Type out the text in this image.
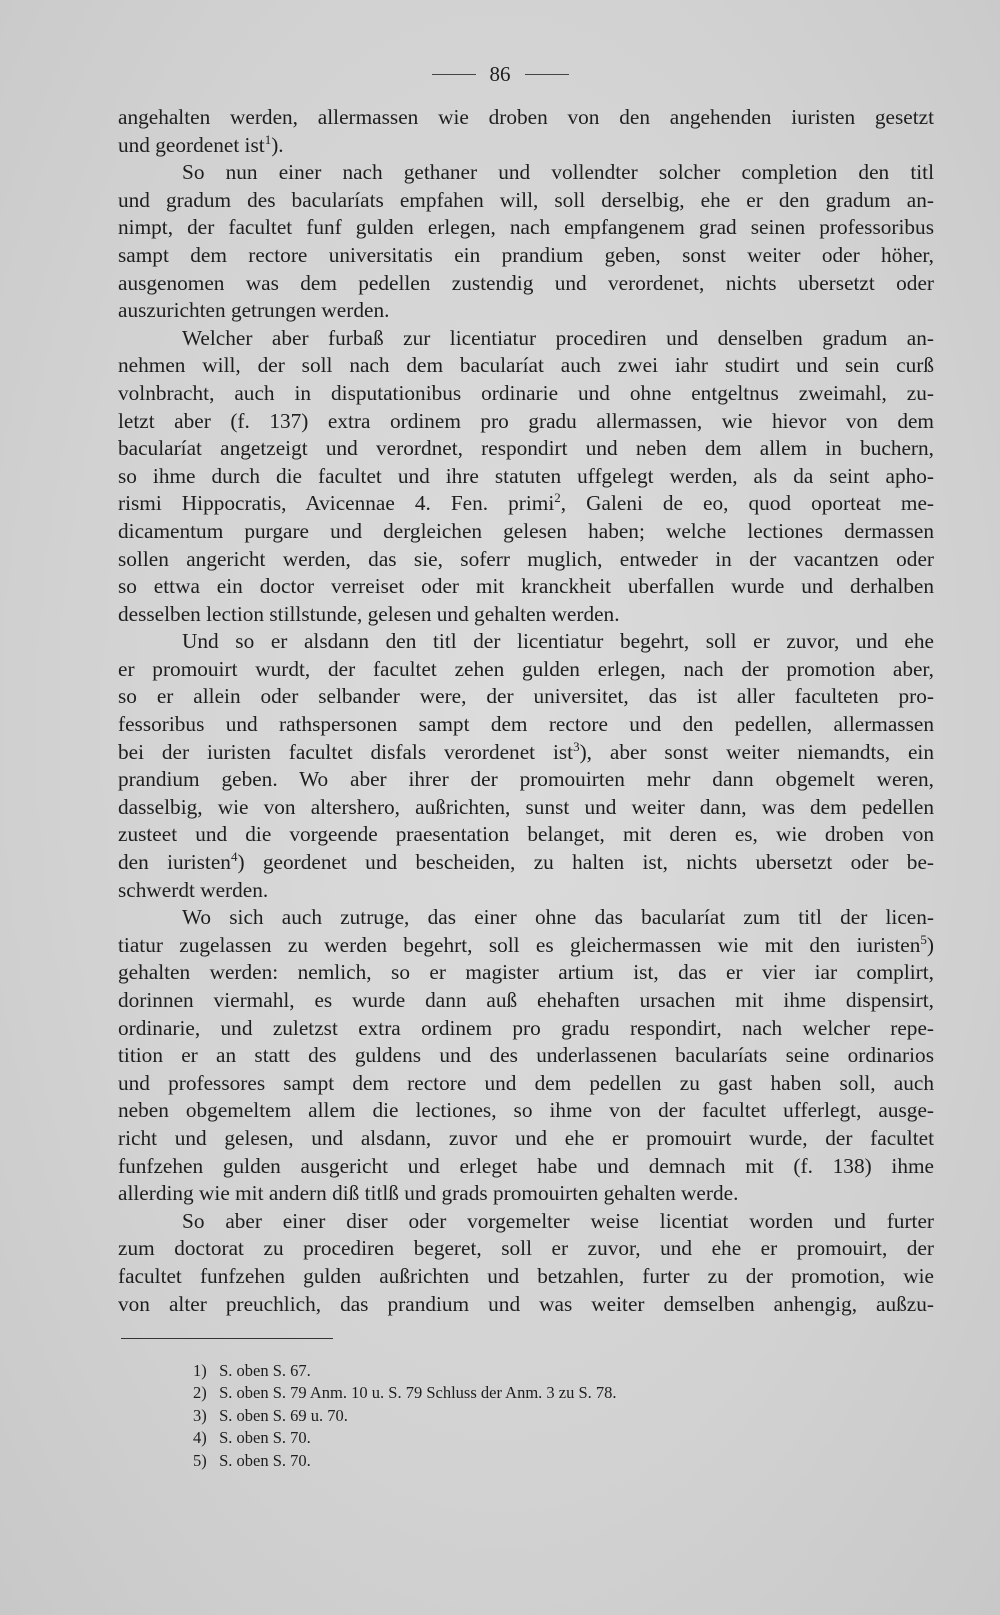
86

angehalten werden, allermassen wie droben von den angehenden iuristen gesetzt

und geordenet ist$^1$).

So nun einer nach gethaner und vollendter solcher completion den titl

und gradum des bacularíats empfahen will, soll derselbig, ehe er den gradum an-

nimpt, der facultet funf gulden erlegen, nach empfangenem grad seinen professoribus

sampt dem rectore universitatis ein prandium geben, sonst weiter oder höher,

ausgenomen was dem pedellen zustendig und verordenet, nichts ubersetzt oder

auszurichten getrungen werden.

Welcher aber furbaß zur licentiatur procediren und denselben gradum an-

nehmen will, der soll nach dem bacularíat auch zwei iahr studirt und sein curß

volnbracht, auch in disputationibus ordinarie und ohne entgeltnus zweimahl, zu-

letzt aber (f. 137) extra ordinem pro gradu allermassen, wie hievor von dem

bacularíat angetzeigt und verordnet, respondirt und neben dem allem in buchern,

so ihme durch die facultet und ihre statuten uffgelegt werden, als da seint apho-

rismi Hippocratis, Avicennae 4. Fen. primi$^2$, Galeni de eo, quod oporteat me-

dicamentum purgare und dergleichen gelesen haben; welche lectiones dermassen

sollen angericht werden, das sie, soferr muglich, entweder in der vacantzen oder

so ettwa ein doctor verreiset oder mit kranckheit uberfallen wurde und derhalben

desselben lection stillstunde, gelesen und gehalten werden.

Und so er alsdann den titl der licentiatur begehrt, soll er zuvor, und ehe

er promouirt wurdt, der facultet zehen gulden erlegen, nach der promotion aber,

so er allein oder selbander were, der universitet, das ist aller faculteten pro-

fessoribus und rathspersonen sampt dem rectore und den pedellen, allermassen

bei der iuristen facultet disfals verordenet ist$^3$), aber sonst weiter niemandts, ein

prandium geben. Wo aber ihrer der promouirten mehr dann obgemelt weren,

dasselbig, wie von altershero, außrichten, sunst und weiter dann, was dem pedellen

zusteet und die vorgeende praesentation belanget, mit deren es, wie droben von

den iuristen$^4$) geordenet und bescheiden, zu halten ist, nichts ubersetzt oder be-

schwerdt werden.

Wo sich auch zutruge, das einer ohne das bacularíat zum titl der licen-

tiatur zugelassen zu werden begehrt, soll es gleichermassen wie mit den iuristen$^5$)

gehalten werden: nemlich, so er magister artium ist, das er vier iar complirt,

dorinnen viermahl, es wurde dann auß ehehaften ursachen mit ihme dispensirt,

ordinarie, und zuletzst extra ordinem pro gradu respondirt, nach welcher repe-

tition er an statt des guldens und des underlassenen bacularíats seine ordinarios

und professores sampt dem rectore und dem pedellen zu gast haben soll, auch

neben obgemeltem allem die lectiones, so ihme von der facultet ufferlegt, ausge-

richt und gelesen, und alsdann, zuvor und ehe er promouirt wurde, der facultet

funfzehen gulden ausgericht und erleget habe und demnach mit (f. 138) ihme

allerding wie mit andern diß titlß und grads promouirten gehalten werde.

So aber einer diser oder vorgemelter weise licentiat worden und furter

zum doctorat zu procediren begeret, soll er zuvor, und ehe er promouirt, der

facultet funfzehen gulden außrichten und betzahlen, furter zu der promotion, wie

von alter preuchlich, das prandium und was weiter demselben anhengig, außzu-

1) S. oben S. 67.
2) S. oben S. 79 Anm. 10 u. S. 79 Schluss der Anm. 3 zu S. 78.
3) S. oben S. 69 u. 70.
4) S. oben S. 70.
5) S. oben S. 70.
